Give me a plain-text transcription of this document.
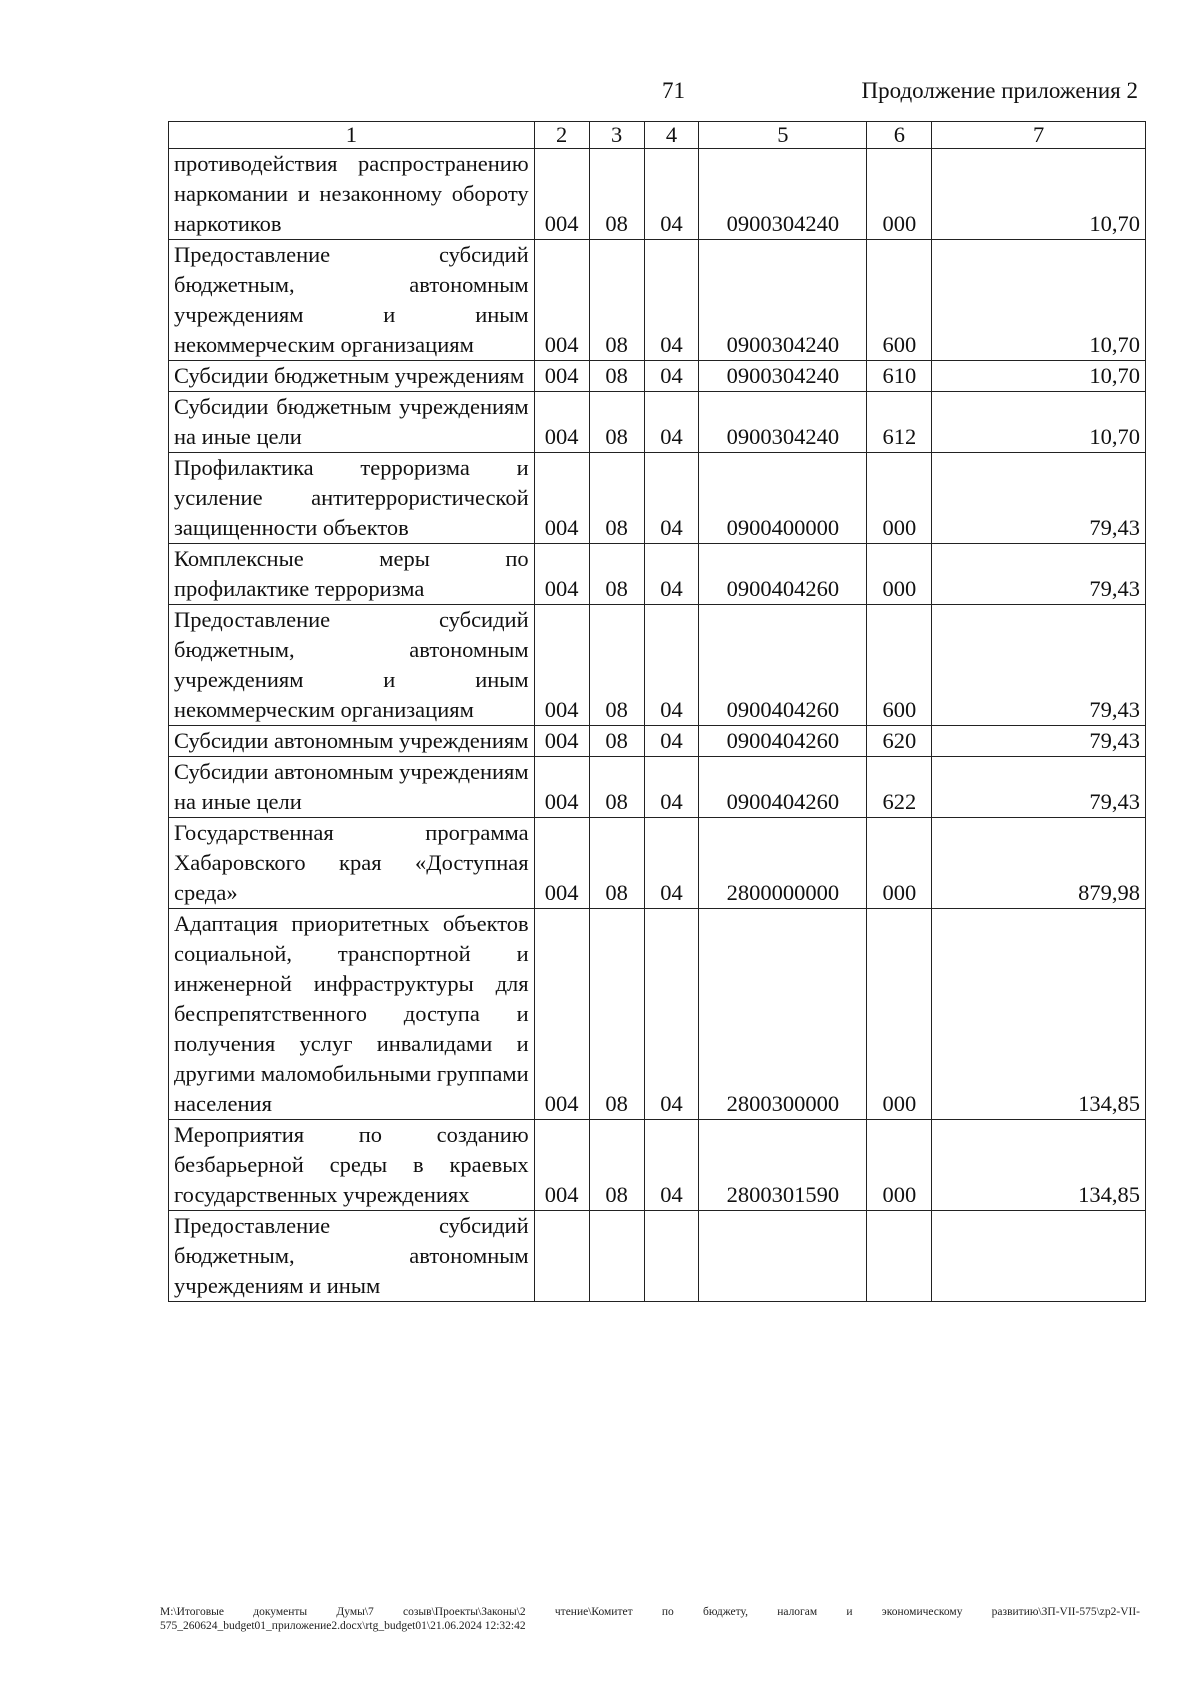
71	Продолжение приложения 2
1	2	3	4	5	6	7
противодействия распространению наркомании и незаконному обороту наркотиков	004	08	04	0900304240	000	10,70
Предоставление субсидий бюджетным, автономным учреждениям и иным некоммерческим организациям	004	08	04	0900304240	600	10,70
Субсидии бюджетным учреждениям	004	08	04	0900304240	610	10,70
Субсидии бюджетным учреждениям на иные цели	004	08	04	0900304240	612	10,70
Профилактика терроризма и усиление антитеррористической защищенности объектов	004	08	04	0900400000	000	79,43
Комплексные меры по профилактике терроризма	004	08	04	0900404260	000	79,43
Предоставление субсидий бюджетным, автономным учреждениям и иным некоммерческим организациям	004	08	04	0900404260	600	79,43
Субсидии автономным учреждениям	004	08	04	0900404260	620	79,43
Субсидии автономным учреждениям на иные цели	004	08	04	0900404260	622	79,43
Государственная программа Хабаровского края «Доступная среда»	004	08	04	2800000000	000	879,98
Адаптация приоритетных объектов социальной, транспортной и инженерной инфраструктуры для беспрепятственного доступа и получения услуг инвалидами и другими маломобильными группами населения	004	08	04	2800300000	000	134,85
Мероприятия по созданию безбарьерной среды в краевых государственных учреждениях	004	08	04	2800301590	000	134,85
Предоставление субсидий бюджетным, автономным учреждениям и иным						
M:\Итоговые документы Думы\7 созыв\Проекты\Законы\2 чтение\Комитет по бюджету, налогам и экономическому развитию\ЗП-VII-575\zp2-VII-575_260624_budget01_приложение2.docx\rtg_budget01\21.06.2024 12:32:42
